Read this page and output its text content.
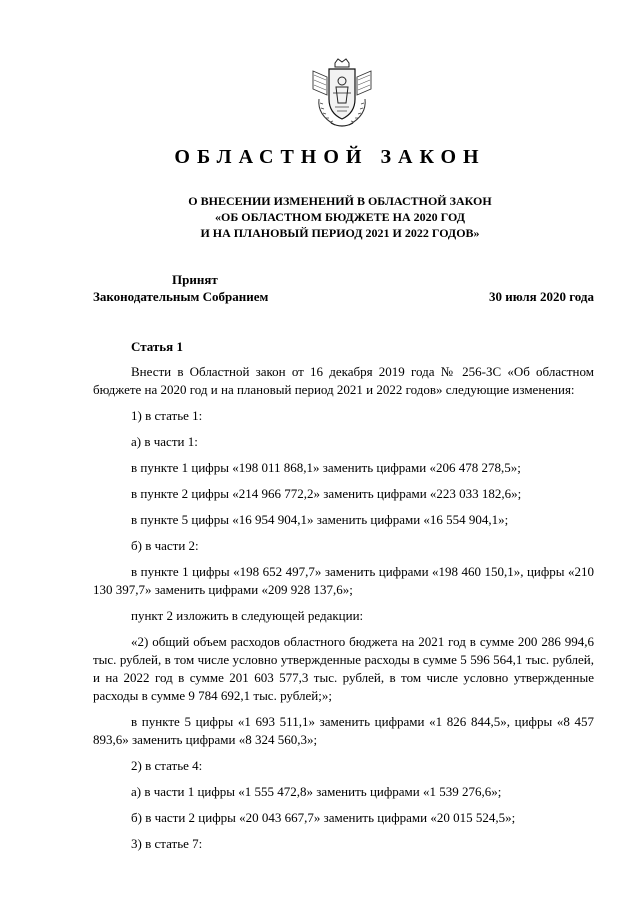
ОБЛАСТНОЙ ЗАКОН
О ВНЕСЕНИИ ИЗМЕНЕНИЙ В ОБЛАСТНОЙ ЗАКОН
«ОБ ОБЛАСТНОМ БЮДЖЕТЕ НА 2020 ГОД
И НА ПЛАНОВЫЙ ПЕРИОД 2021 И 2022 ГОДОВ»
Принят
Законодательным Собранием	30 июля 2020 года
Статья 1

Внести в Областной закон от 16 декабря 2019 года № 256-ЗС «Об областном бюджете на 2020 год и на плановый период 2021 и 2022 годов» следующие изменения:

1) в статье 1:

а) в части 1:

в пункте 1 цифры «198 011 868,1» заменить цифрами «206 478 278,5»;

в пункте 2 цифры «214 966 772,2» заменить цифрами «223 033 182,6»;

в пункте 5 цифры «16 954 904,1» заменить цифрами «16 554 904,1»;

б) в части 2:

в пункте 1 цифры «198 652 497,7» заменить цифрами «198 460 150,1», цифры «210 130 397,7» заменить цифрами «209 928 137,6»;

пункт 2 изложить в следующей редакции:

«2) общий объем расходов областного бюджета на 2021 год в сумме 200 286 994,6 тыс. рублей, в том числе условно утвержденные расходы в сумме 5 596 564,1 тыс. рублей, и на 2022 год в сумме 201 603 577,3 тыс. рублей, в том числе условно утвержденные расходы в сумме 9 784 692,1 тыс. рублей;»;

в пункте 5 цифры «1 693 511,1» заменить цифрами «1 826 844,5», цифры «8 457 893,6» заменить цифрами «8 324 560,3»;

2) в статье 4:

а) в части 1 цифры «1 555 472,8» заменить цифрами «1 539 276,6»;

б) в части 2 цифры «20 043 667,7» заменить цифрами «20 015 524,5»;

3) в статье 7:
